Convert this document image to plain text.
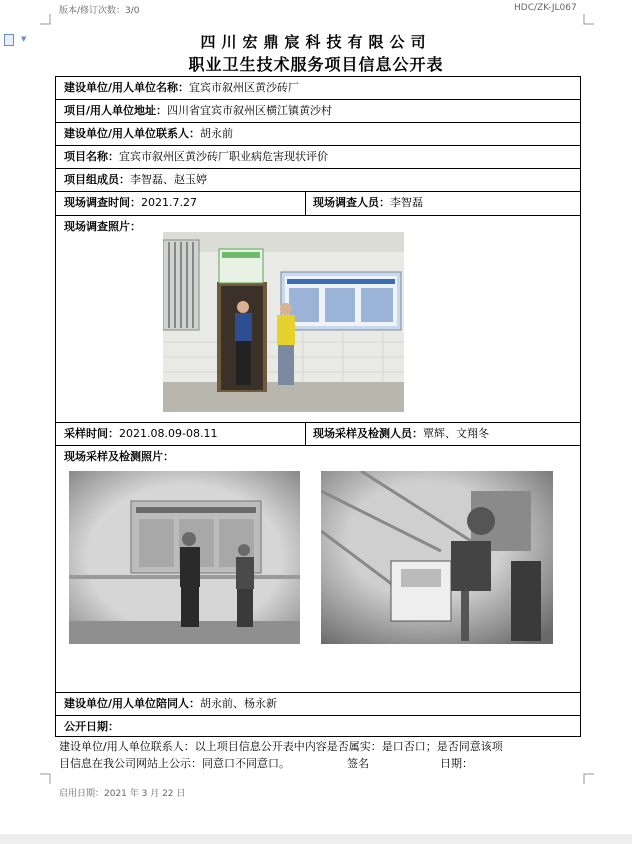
版本/修订次数：3/0	HDC/ZK-JL067
▼	四川宏鼎宸科技有限公司
职业卫生技术服务项目信息公开表
建设单位/用人单位名称：宜宾市叙州区黄沙砖厂
项目/用人单位地址：四川省宜宾市叙州区横江镇黄沙村
建设单位/用人单位联系人：胡永前
项目名称：宜宾市叙州区黄沙砖厂职业病危害现状评价
项目组成员：李智磊、赵玉婷
现场调查时间：2021.7.27	现场调查人员：李智磊
现场调查照片：
采样时间：2021.08.09-08.11	现场采样及检测人员：覃辉、文翔冬
现场采样及检测照片：
建设单位/用人单位陪同人：胡永前、杨永新
公开日期：
建设单位/用人单位联系人：以上项目信息公开表中内容是否属实：是口否口；是否同意该项
目信息在我公司网站上公示：同意口不同意口。	签名	日期：
启用日期：2021 年 3 月 22 日
